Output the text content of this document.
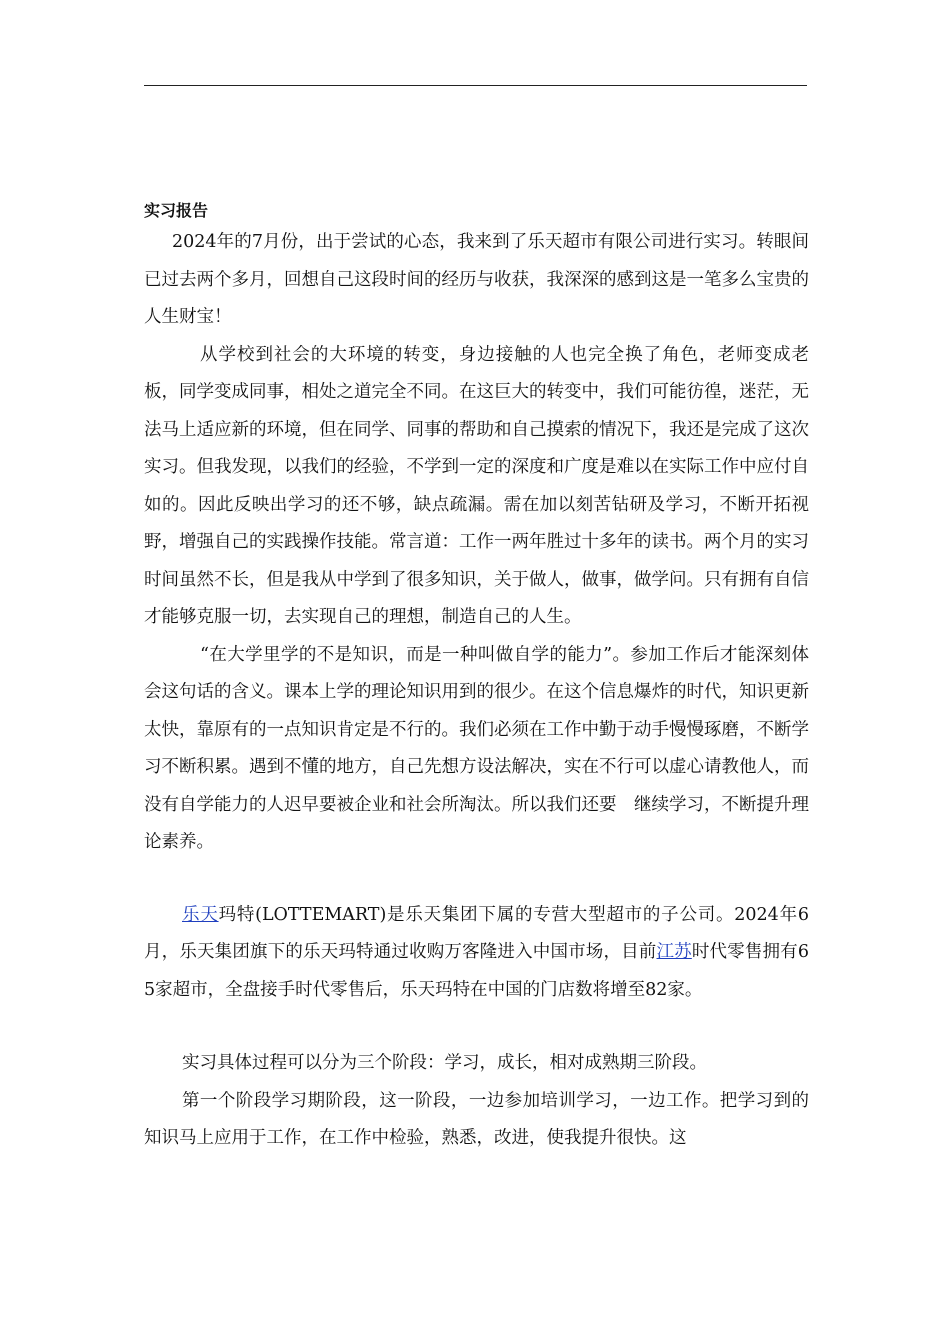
实习报告

2024年的7月份，出于尝试的心态，我来到了乐天超市有限公司进行实习。转眼间已过去两个多月，回想自己这段时间的经历与收获，我深深的感到这是一笔多么宝贵的人生财宝！

从学校到社会的大环境的转变，身边接触的人也完全换了角色，老师变成老板，同学变成同事，相处之道完全不同。在这巨大的转变中，我们可能彷徨，迷茫，无法马上适应新的环境，但在同学、同事的帮助和自己摸索的情况下，我还是完成了这次实习。但我发现，以我们的经验，不学到一定的深度和广度是难以在实际工作中应付自如的。因此反映出学习的还不够，缺点疏漏。需在加以刻苦钻研及学习，不断开拓视野，增强自己的实践操作技能。常言道：工作一两年胜过十多年的读书。两个月的实习时间虽然不长，但是我从中学到了很多知识，关于做人，做事，做学问。只有拥有自信才能够克服一切，去实现自己的理想，制造自己的人生。

“在大学里学的不是知识，而是一种叫做自学的能力”。参加工作后才能深刻体会这句话的含义。课本上学的理论知识用到的很少。在这个信息爆炸的时代，知识更新太快，靠原有的一点知识肯定是不行的。我们必须在工作中勤于动手慢慢琢磨，不断学习不断积累。遇到不懂的地方，自己先想方设法解决，实在不行可以虚心请教他人，而没有自学能力的人迟早要被企业和社会所淘汰。所以我们还要　继续学习，不断提升理论素养。

乐天玛特(LOTTEMART)是乐天集团下属的专营大型超市的子公司。2024年6月，乐天集团旗下的乐天玛特通过收购万客隆进入中国市场，目前江苏时代零售拥有65家超市，全盘接手时代零售后，乐天玛特在中国的门店数将增至82家。

实习具体过程可以分为三个阶段：学习，成长，相对成熟期三阶段。

第一个阶段学习期阶段，这一阶段，一边参加培训学习，一边工作。把学习到的知识马上应用于工作，在工作中检验，熟悉，改进，使我提升很快。这
